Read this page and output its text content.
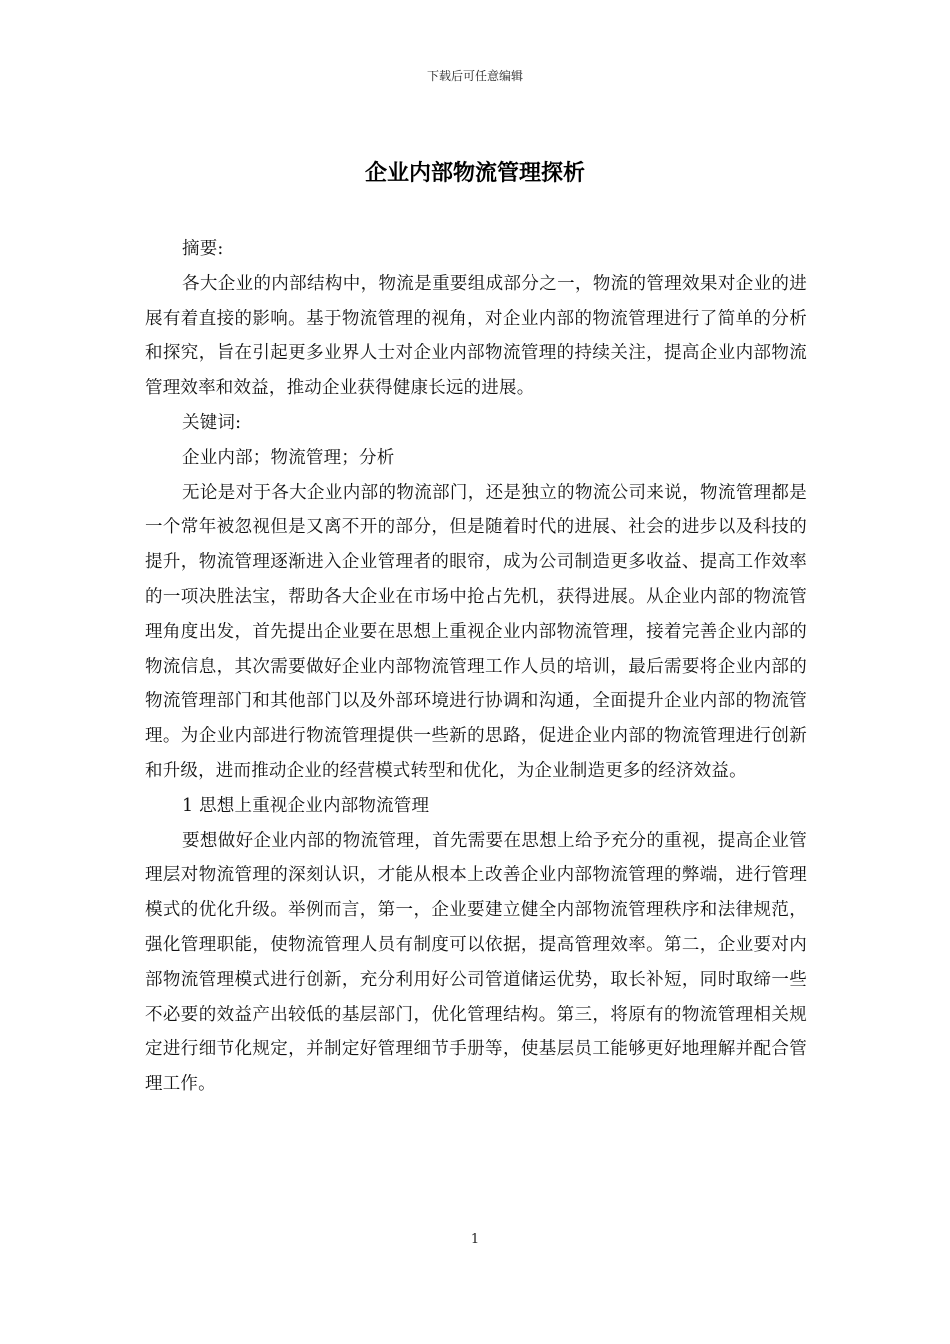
下载后可任意编辑
企业内部物流管理探析

摘要:

各大企业的内部结构中，物流是重要组成部分之一，物流的管理效果对企业的进展有着直接的影响。基于物流管理的视角，对企业内部的物流管理进行了简单的分析和探究，旨在引起更多业界人士对企业内部物流管理的持续关注，提高企业内部物流管理效率和效益，推动企业获得健康长远的进展。

关键词:

企业内部；物流管理；分析

无论是对于各大企业内部的物流部门，还是独立的物流公司来说，物流管理都是一个常年被忽视但是又离不开的部分，但是随着时代的进展、社会的进步以及科技的提升，物流管理逐渐进入企业管理者的眼帘，成为公司制造更多收益、提高工作效率的一项决胜法宝，帮助各大企业在市场中抢占先机，获得进展。从企业内部的物流管理角度出发，首先提出企业要在思想上重视企业内部物流管理，接着完善企业内部的物流信息，其次需要做好企业内部物流管理工作人员的培训，最后需要将企业内部的物流管理部门和其他部门以及外部环境进行协调和沟通，全面提升企业内部的物流管理。为企业内部进行物流管理提供一些新的思路，促进企业内部的物流管理进行创新和升级，进而推动企业的经营模式转型和优化，为企业制造更多的经济效益。

1 思想上重视企业内部物流管理

要想做好企业内部的物流管理，首先需要在思想上给予充分的重视，提高企业管理层对物流管理的深刻认识，才能从根本上改善企业内部物流管理的弊端，进行管理模式的优化升级。举例而言，第一，企业要建立健全内部物流管理秩序和法律规范，强化管理职能，使物流管理人员有制度可以依据，提高管理效率。第二，企业要对内部物流管理模式进行创新，充分利用好公司管道储运优势，取长补短，同时取缔一些不必要的效益产出较低的基层部门，优化管理结构。第三，将原有的物流管理相关规定进行细节化规定，并制定好管理细节手册等，使基层员工能够更好地理解并配合管理工作。

1
